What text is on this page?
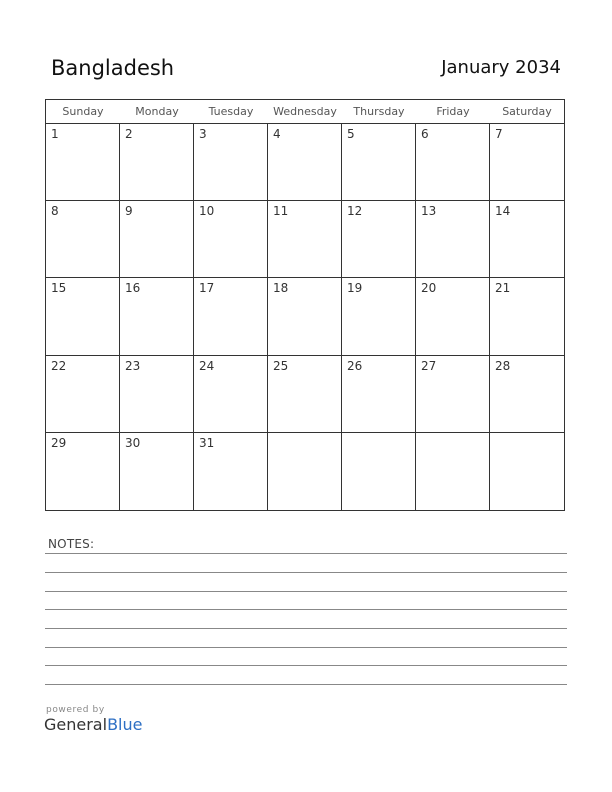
Bangladesh	January 2034
Sunday	Monday	Tuesday	Wednesday	Thursday	Friday	Saturday
1	2	3	4	5	6	7
8	9	10	11	12	13	14
15	16	17	18	19	20	21
22	23	24	25	26	27	28
29	30	31
NOTES:
powered by
GeneralBlue
